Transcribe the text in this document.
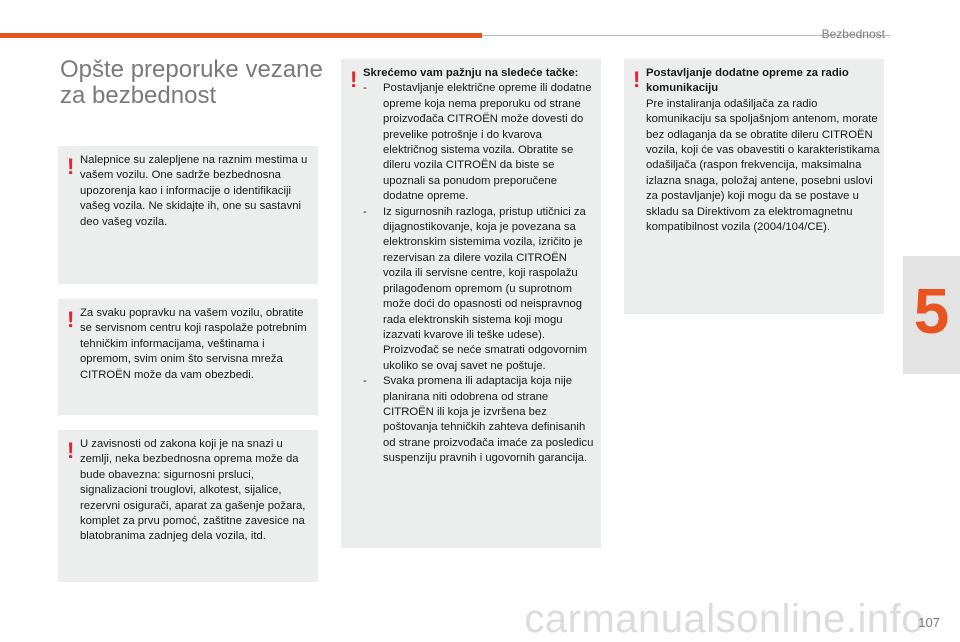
Bezbednost
5
Opšte preporuke vezane za bezbednost
! Nalepnice su zalepljene na raznim mestima u vašem vozilu. One sadrže bezbednosna upozorenja kao i informacije o identifikaciji vašeg vozila. Ne skidajte ih, one su sastavni deo vašeg vozila.
! Za svaku popravku na vašem vozilu, obratite se servisnom centru koji raspolaže potrebnim tehničkim informacijama, veštinama i opremom, svim onim što servisna mreža CITROËN može da vam obezbedi.
! U zavisnosti od zakona koji je na snazi u zemlji, neka bezbednosna oprema može da bude obavezna: sigurnosni prsluci, signalizacioni trouglovi, alkotest, sijalice, rezervni osigurači, aparat za gašenje požara, komplet za prvu pomoć, zaštitne zavesice na blatobranima zadnjeg dela vozila, itd.
! Skrećemo vam pažnju na sledeće tačke:
- Postavljanje električne opreme ili dodatne opreme koja nema preporuku od strane proizvođača CITROËN može dovesti do prevelike potrošnje i do kvarova električnog sistema vozila. Obratite se dileru vozila CITROËN da biste se upoznali sa ponudom preporučene dodatne opreme.
- Iz sigurnosnih razloga, pristup utičnici za dijagnostikovanje, koja je povezana sa elektronskim sistemima vozila, izričito je rezervisan za dilere vozila CITROËN vozila ili servisne centre, koji raspolažu prilagođenom opremom (u suprotnom može doći do opasnosti od neispravnog rada elektronskih sistema koji mogu izazvati kvarove ili teške udese). Proizvođač se neće smatrati odgovornim ukoliko se ovaj savet ne poštuje.
- Svaka promena ili adaptacija koja nije planirana niti odobrena od strane CITROËN ili koja je izvršena bez poštovanja tehničkih zahteva definisanih od strane proizvođača imaće za posledicu suspenziju pravnih i ugovornih garancija.
! Postavljanje dodatne opreme za radio komunikaciju
Pre instaliranja odašiljača za radio komunikaciju sa spoljašnjom antenom, morate bez odlaganja da se obratite dileru CITROËN vozila, koji će vas obavestiti o karakteristikama odašiljača (raspon frekvencija, maksimalna izlazna snaga, položaj antene, posebni uslovi za postavljanje) koji mogu da se postave u skladu sa Direktivom za elektromagnetnu kompatibilnost vozila (2004/104/CE).
carmanualsonline.info
107
